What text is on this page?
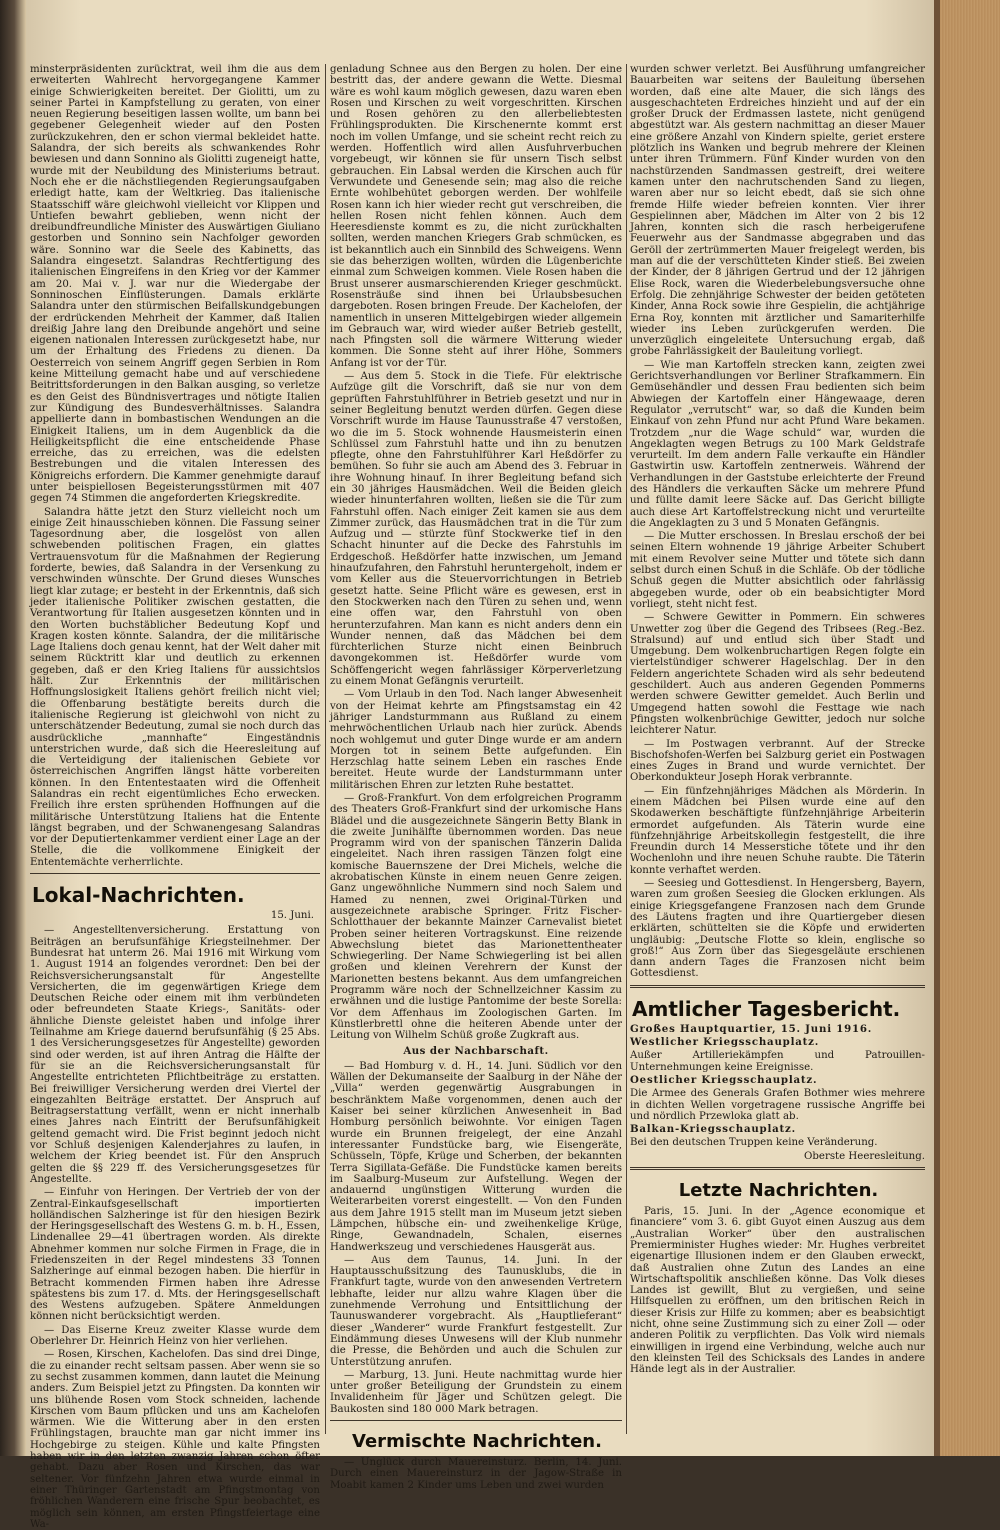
minsterpräsidenten zurücktrat, weil ihm die aus dem erweiterten Wahlrecht hervorgegangene Kammer einige Schwierigkeiten bereitet. Der Giolitti, um zu seiner Partei in Kampfstellung zu geraten, von einer neuen Regierung beseitigen lassen wollte, um bann bei gegebener Gelegenheit wieder auf den Posten zurückzukehren, den er schon viermal bekleidet hatte. Salandra, der sich bereits als schwankendes Rohr bewiesen und dann Sonnino als Giolitti zugeneigt hatte, wurde mit der Neubildung des Ministeriums betraut. Noch ehe er die nächstliegenden Regierungsaufgaben erledigt hatte, kam der Weltkrieg. Das italienische Staatsschiff wäre gleichwohl vielleicht vor Klippen und Untiefen bewahrt geblieben, wenn nicht der dreibundfreundliche Minister des Auswärtigen Giuliano gestorben und Sonnino sein Nachfolger geworden wäre. Sonnino war die Seele des Kabinetts, das Salandra eingesetzt. Salandras Rechtfertigung des italienischen Eingreifens in den Krieg vor der Kammer am 20. Mai v. J. war nur die Wiedergabe der Sonninoschen Einflüsterungen. Damals erklärte Salandra unter den stürmischen Beifallskundgebungen der erdrückenden Mehrheit der Kammer, daß Italien dreißig Jahre lang den Dreibunde angehört und seine eigenen nationalen Interessen zurückgesetzt habe, nur um der Erhaltung des Friedens zu dienen. Da Oesterreich von seinem Angriff gegen Serbien in Rom keine Mitteilung gemacht habe und auf verschiedene Beitrittsforderungen in den Balkan ausging, so verletze es den Geist des Bündnisvertrages und nötigte Italien zur Kündigung des Bundesverhältnisses. Salandra appellierte dann in bombastischen Wendungen an die Einigkeit Italiens, um in dem Augenblick da die Heiligkeitspflicht die eine entscheidende Phase erreiche, das zu erreichen, was die edelsten Bestrebungen und die vitalen Interessen des Königreichs erfordern. Die Kammer genehmigte darauf unter beispiellosen Begeisterungsstürmen mit 407 gegen 74 Stimmen die angeforderten Kriegskredite.

Salandra hätte jetzt den Sturz vielleicht noch um einige Zeit hinausschieben können. Die Fassung seiner Tagesordnung aber, die losgelöst von allen schwebenden politischen Fragen, ein glattes Vertrauensvotum für die Maßnahmen der Regierung forderte, bewies, daß Salandra in der Versenkung zu verschwinden wünschte. Der Grund dieses Wunsches liegt klar zutage; er besteht in der Erkenntnis, daß sich jeder italienische Politiker zwischen gestatten, die Verantwortung für Italien ausgesetzen könnten und in den Worten buchstäblicher Bedeutung Kopf und Kragen kosten könnte. Salandra, der die militärische Lage Italiens doch genau kennt, hat der Welt daher mit seinem Rücktritt klar und deutlich zu erkennen gegeben, daß er den Krieg Italiens für aussichtslos hält. Zur Erkenntnis der militärischen Hoffnungslosigkeit Italiens gehört freilich nicht viel; die Offenbarung bestätigte bereits durch die italienische Regierung ist gleichwohl von nicht zu unterschätzender Bedeutung, zumal sie noch durch das ausdrückliche „mannhafte“ Eingeständnis unterstrichen wurde, daß sich die Heeresleitung auf die Verteidigung der italienischen Gebiete vor österreichischen Angriffen längst hätte vorbereiten können. In den Ententestaaten wird die Offenheit Salandras ein recht eigentümliches Echo erwecken. Freilich ihre ersten sprühenden Hoffnungen auf die militärische Unterstützung Italiens hat die Entente längst begraben, und der Schwanengesang Salandras vor der Deputiertenkammer verdient einer Lage an der Stelle, die die vollkommene Einigkeit der Ententemächte verherrlichte.

Lokal-Nachrichten.
15. Juni.

— Angestelltenversicherung. Erstattung von Beiträgen an berufsunfähige Kriegsteilnehmer. Der Bundesrat hat unterm 26. Mai 1916 mit Wirkung vom 1. August 1914 an folgendes verordnet: Den bei der Reichsversicherungsanstalt für Angestellte Versicherten, die im gegenwärtigen Kriege dem Deutschen Reiche oder einem mit ihm verbündeten oder befreundeten Staate Kriegs-, Sanitäts- oder ähnliche Dienste geleistet haben und infolge ihrer Teilnahme am Kriege dauernd berufsunfähig (§ 25 Abs. 1 des Versicherungsgesetzes für Angestellte) geworden sind oder werden, ist auf ihren Antrag die Hälfte der für sie an die Reichsversicherungsanstalt für Angestellte entrichteten Pflichtbeiträge zu erstatten. Bei freiwilliger Versicherung werden drei Viertel der eingezahlten Beiträge erstattet. Der Anspruch auf Beitragserstattung verfällt, wenn er nicht innerhalb eines Jahres nach Eintritt der Berufsunfähigkeit geltend gemacht wird. Die Frist beginnt jedoch nicht vor Schluß desjenigen Kalenderjahres zu laufen, in welchem der Krieg beendet ist. Für den Anspruch gelten die §§ 229 ff. des Versicherungsgesetzes für Angestellte.

— Einfuhr von Heringen. Der Vertrieb der von der Zentral-Einkaufsgesellschaft importierten holländischen Salzheringe ist für den hiesigen Bezirk der Heringsgesellschaft des Westens G. m. b. H., Essen, Lindenallee 29—41 übertragen worden. Als direkte Abnehmer kommen nur solche Firmen in Frage, die in Friedenszeiten in der Regel mindestens 33 Tonnen Salzheringe auf einmal bezogen haben. Die hierfür in Betracht kommenden Firmen haben ihre Adresse spätestens bis zum 17. d. Mts. der Heringsgesellschaft des Westens aufzugeben. Spätere Anmeldungen können nicht berücksichtigt werden.

— Das Eiserne Kreuz zweiter Klasse wurde dem Oberlehrer Dr. Heinrich Heinz von hier verliehen.

— Rosen, Kirschen, Kachelofen. Das sind drei Dinge, die zu einander recht seltsam passen. Aber wenn sie so zu sechst zusammen kommen, dann lautet die Meinung anders. Zum Beispiel jetzt zu Pfingsten. Da konnten wir uns blühende Rosen vom Stock schneiden, lachende Kirschen vom Baum pflücken und uns am Kachelofen wärmen. Wie die Witterung aber in den ersten Frühlingstagen, brauchte man gar nicht immer ins Hochgebirge zu steigen. Kühle und kalte Pfingsten haben wir in den letzten zwanzig Jahren schon öfter gehabt. Dazu aber Rosen und Kirschen, das war seltener. Vor fünfzehn Jahren etwa wurde einmal in einer Thüringer Gartenstadt am Pfingstmontag von fröhlichen Wanderern eine frische Spur beobachtet, es möglich sein können, am ersten Pfingstfeiertage eine Wa-

genladung Schnee aus den Bergen zu holen. Der eine bestritt das, der andere gewann die Wette. Diesmal wäre es wohl kaum möglich gewesen, dazu waren eben Rosen und Kirschen zu weit vorgeschritten. Kirschen und Rosen gehören zu den allerbeliebtesten Frühlingsprodukten. Die Kirschenernte kommt erst noch im vollen Umfange, und sie scheint recht reich zu werden. Hoffentlich wird allen Ausfuhrverbuchen vorgebeugt, wir können sie für unsern Tisch selbst gebrauchen. Ein Labsal werden die Kirschen auch für Verwundete und Genesende sein; mag also die reiche Ernte wohlbehütet geborgen werden. Der wohlfeile Rosen kann ich hier wieder recht gut verschreiben, die hellen Rosen nicht fehlen können. Auch dem Heeresdienste kommt es zu, die nicht zurückhalten sollten, werden manchen Kriegers Grab schmücken, es ist bekanntlich auch ein Sinnbild des Schweigens. Wenn sie das beherzigen wollten, würden die Lügenberichte einmal zum Schweigen kommen. Viele Rosen haben die Brust unserer ausmarschierenden Krieger geschmückt. Rosensträuße sind ihnen bei Urlaubsbesuchen dargeboten. Rosen bringen Freude. Der Kachelofen, der namentlich in unseren Mittelgebirgen wieder allgemein im Gebrauch war, wird wieder außer Betrieb gestellt, nach Pfingsten soll die wärmere Witterung wieder kommen. Die Sonne steht auf ihrer Höhe, Sommers Anfang ist vor der Tür.

— Aus dem 5. Stock in die Tiefe. Für elektrische Aufzüge gilt die Vorschrift, daß sie nur von dem geprüften Fahrstuhlführer in Betrieb gesetzt und nur in seiner Begleitung benutzt werden dürfen. Gegen diese Vorschrift wurde im Hause Taunusstraße 47 verstoßen, wo die im 5. Stock wohnende Hausmeisterin einen Schlüssel zum Fahrstuhl hatte und ihn zu benutzen pflegte, ohne den Fahrstuhlführer Karl Heßdörfer zu bemühen. So fuhr sie auch am Abend des 3. Februar in ihre Wohnung hinauf. In ihrer Begleitung befand sich ein 30 jähriges Hausmädchen. Weil die Beiden gleich wieder hinunterfahren wollten, ließen sie die Tür zum Fahrstuhl offen. Nach einiger Zeit kamen sie aus dem Zimmer zurück, das Hausmädchen trat in die Tür zum Aufzug und — stürzte fünf Stockwerke tief in den Schacht hinunter auf die Decke des Fahrstuhls im Erdgeschoß. Heßdörfer hatte inzwischen, um Jemand hinaufzufahren, den Fahrstuhl heruntergeholt, indem er vom Keller aus die Steuervorrichtungen in Betrieb gesetzt hatte. Seine Pflicht wäre es gewesen, erst in den Stockwerken nach den Türen zu sehen und, wenn eine offen war, den Fahrstuhl von oben herunterzufahren. Man kann es nicht anders denn ein Wunder nennen, daß das Mädchen bei dem fürchterlichen Sturze nicht einen Beinbruch davongekommen ist. Heßdörfer wurde vom Schöffengericht wegen fahrlässiger Körperverletzung zu einem Monat Gefängnis verurteilt.

— Vom Urlaub in den Tod. Nach langer Abwesenheit von der Heimat kehrte am Pfingstsamstag ein 42 jähriger Landsturmmann aus Rußland zu einem mehrwöchentlichen Urlaub nach hier zurück. Abends noch wohlgemut und guter Dinge wurde er am andern Morgen tot in seinem Bette aufgefunden. Ein Herzschlag hatte seinem Leben ein rasches Ende bereitet. Heute wurde der Landsturmmann unter militärischen Ehren zur letzten Ruhe bestattet.

— Groß-Frankfurt. Von dem erfolgreichen Programm des Theaters Groß-Frankfurt sind der urkomische Hans Blädel und die ausgezeichnete Sängerin Betty Blank in die zweite Junihälfte übernommen worden. Das neue Programm wird von der spanischen Tänzerin Dalida eingeleitet. Nach ihren rassigen Tänzen folgt eine komische Bauernszene der Drei Michels, welche die akrobatischen Künste in einem neuen Genre zeigen. Ganz ungewöhnliche Nummern sind noch Salem und Hamed zu nennen, zwei Original-Türken und ausgezeichnete arabische Springer. Fritz Fischer-Schlotthauer der bekannte Mainzer Carnevalist bietet Proben seiner heiteren Vortragskunst. Eine reizende Abwechslung bietet das Marionettentheater Schwiegerling. Der Name Schwiegerling ist bei allen großen und kleinen Verehrern der Kunst der Marionetten bestens bekannt. Aus dem umfangreichen Programm wäre noch der Schnellzeichner Kassim zu erwähnen und die lustige Pantomime der beste Sorella: Vor dem Affenhaus im Zoologischen Garten. Im Künstlerbrettl ohne die heiteren Abende unter der Leitung von Wilhelm Schüß große Zugkraft aus.

Aus der Nachbarschaft.

— Bad Homburg v. d. H., 14. Juni. Südlich vor den Wällen der Dekumanseite der Saalburg in der Nähe der „Villa“ werden gegenwärtig Ausgrabungen in beschränktem Maße vorgenommen, denen auch der Kaiser bei seiner kürzlichen Anwesenheit in Bad Homburg persönlich beiwohnte. Vor einigen Tagen wurde ein Brunnen freigelegt, der eine Anzahl interessanter Fundstücke barg, wie Eisengeräte, Schüsseln, Töpfe, Krüge und Scherben, der bekannten Terra Sigillata-Gefäße. Die Fundstücke kamen bereits im Saalburg-Museum zur Aufstellung. Wegen der andauernd ungünstigen Witterung wurden die Weiterarbeiten vorerst eingestellt. — Von den Funden aus dem Jahre 1915 stellt man im Museum jetzt sieben Lämpchen, hübsche ein- und zweihenkelige Krüge, Ringe, Gewandnadeln, Schalen, eisernes Handwerkszeug und verschiedenes Hausgerät aus.

— Aus dem Taunus, 14. Juni. In der Hauptausschußsitzung des Taunusklubs, die in Frankfurt tagte, wurde von den anwesenden Vertretern lebhafte, leider nur allzu wahre Klagen über die zunehmende Verrohung und Entsittlichung der Taunuswanderer vorgebracht. Als „Hauptlieferant“ dieser „Wanderer“ wurde Frankfurt festgestellt. Zur Eindämmung dieses Unwesens will der Klub nunmehr die Presse, die Behörden und auch die Schulen zur Unterstützung anrufen.

— Marburg, 13. Juni. Heute nachmittag wurde hier unter großer Beteiligung der Grundstein zu einem Invalidenheim für Jäger und Schützen gelegt. Die Baukosten sind 180 000 Mark betragen.

Vermischte Nachrichten.

— Unglück durch Mauereinsturz. Berlin, 14. Juni. Durch einen Mauereinsturz in der Jagow-Straße in Moabit kamen 2 Kinder ums Leben und zwei wurden

wurden schwer verletzt. Bei Ausführung umfangreicher Bauarbeiten war seitens der Bauleitung übersehen worden, daß eine alte Mauer, die sich längs des ausgeschachteten Erdreiches hinzieht und auf der ein großer Druck der Erdmassen lastete, nicht genügend abgestützt war. Als gestern nachmittag an dieser Mauer eine größere Anzahl von Kindern spielte, geriet erstere plötzlich ins Wanken und begrub mehrere der Kleinen unter ihren Trümmern. Fünf Kinder wurden von den nachstürzenden Sandmassen gestreift, drei weitere kamen unter den nachrutschenden Sand zu liegen, waren aber nur so leicht ebedt, daß sie sich ohne fremde Hilfe wieder befreien konnten. Vier ihrer Gespielinnen aber, Mädchen im Alter von 2 bis 12 Jahren, konnten sich die rasch herbeigerufene Feuerwehr aus der Sandmasse abgegraben und das Geröll der zertrümmerten Mauer freigelegt werden, bis man auf die der verschütteten Kinder stieß. Bei zweien der Kinder, der 8 jährigen Gertrud und der 12 jährigen Elise Rock, waren die Wiederbelebungsversuche ohne Erfolg. Die zehnjährige Schwester der beiden getöteten Kinder, Anna Rock sowie ihre Gespielin, die achtjährige Erna Roy, konnten mit ärztlicher und Samariterhilfe wieder ins Leben zurückgerufen werden. Die unverzüglich eingeleitete Untersuchung ergab, daß grobe Fahrlässigkeit der Bauleitung vorliegt.

— Wie man Kartoffeln strecken kann, zeigten zwei Gerichtsverhandlungen vor Berliner Strafkammern. Ein Gemüsehändler und dessen Frau bedienten sich beim Abwiegen der Kartoffeln einer Hängewaage, deren Regulator „verrutscht“ war, so daß die Kunden beim Einkauf von zehn Pfund nur acht Pfund Ware bekamen. Trotzdem „nur die Wage schuld“ war, wurden die Angeklagten wegen Betrugs zu 100 Mark Geldstrafe verurteilt. Im dem andern Falle verkaufte ein Händler Gastwirtin usw. Kartoffeln zentnerweis. Während der Verhandlungen in der Gaststube erleichterte der Freund des Händlers die verkauften Säcke um mehrere Pfund und füllte damit leere Säcke auf. Das Gericht billigte auch diese Art Kartoffelstreckung nicht und verurteilte die Angeklagten zu 3 und 5 Monaten Gefängnis.

— Die Mutter erschossen. In Breslau erschoß der bei seinen Eltern wohnende 19 jährige Arbeiter Schubert mit einem Revolver seine Mutter und tötete sich dann selbst durch einen Schuß in die Schläfe. Ob der tödliche Schuß gegen die Mutter absichtlich oder fahrlässig abgegeben wurde, oder ob ein beabsichtigter Mord vorliegt, steht nicht fest.

— Schwere Gewitter in Pommern. Ein schweres Unwetter zog über die Gegend des Tribsees (Reg.-Bez. Stralsund) auf und entlud sich über Stadt und Umgebung. Dem wolkenbruchartigen Regen folgte ein viertelstündiger schwerer Hagelschlag. Der in den Feldern angerichtete Schaden wird als sehr bedeutend geschildert. Auch aus anderen Gegenden Pommerns werden schwere Gewitter gemeldet. Auch Berlin und Umgegend hatten sowohl die Festtage wie nach Pfingsten wolkenbrüchige Gewitter, jedoch nur solche leichterer Natur.

— Im Postwagen verbrannt. Auf der Strecke Bischofshofen-Werfen bei Salzburg geriet ein Postwagen eines Zuges in Brand und wurde vernichtet. Der Oberkondukteur Joseph Horak verbrannte.

— Ein fünfzehnjähriges Mädchen als Mörderin. In einem Mädchen bei Pilsen wurde eine auf den Skodawerken beschäftigte fünfzehnjährige Arbeiterin ermordet aufgefunden. Als Täterin wurde eine fünfzehnjährige Arbeitskollegin festgestellt, die ihre Freundin durch 14 Messerstiche tötete und ihr den Wochenlohn und ihre neuen Schuhe raubte. Die Täterin konnte verhaftet werden.

— Seesieg und Gottesdienst. In Hengersberg, Bayern, waren zum großen Seesieg die Glocken erklungen. Als einige Kriegsgefangene Franzosen nach dem Grunde des Läutens fragten und ihre Quartiergeber diesen erklärten, schüttelten sie die Köpfe und erwiderten ungläubig: „Deutsche Flotte so klein, englische so groß!“ Aus Zorn über das Siegesgeläute erschienen dann andern Tages die Franzosen nicht beim Gottesdienst.

Amtlicher Tagesbericht.
Großes Hauptquartier, 15. Juni 1916.
Westlicher Kriegsschauplatz.
Außer Artilleriekämpfen und Patrouillen-Unternehmungen keine Ereignisse.
Oestlicher Kriegsschauplatz.
Die Armee des Generals Grafen Bothmer wies mehrere in dichten Wellen vorgetragene russische Angriffe bei und nördlich Przewloka glatt ab.
Balkan-Kriegsschauplatz.
Bei den deutschen Truppen keine Veränderung.
Oberste Heeresleitung.
Letzte Nachrichten.

Paris, 15. Juni. In der „Agence economique et financiere“ vom 3. 6. gibt Guyot einen Auszug aus dem „Australian Worker“ über den australischen Premierminister Hughes wieder: Mr. Hughes verbreitet eigenartige Illusionen indem er den Glauben erweckt, daß Australien ohne Zutun des Landes an eine Wirtschaftspolitik anschließen könne. Das Volk dieses Landes ist gewillt, Blut zu vergießen, und seine Hilfsquellen zu eröffnen, um den britischen Reich in dieser Krisis zur Hilfe zu kommen; aber es beabsichtigt nicht, ohne seine Zustimmung sich zu einer Zoll — oder anderen Politik zu verpflichten. Das Volk wird niemals einwilligen in irgend eine Verbindung, welche auch nur den kleinsten Teil des Schicksals des Landes in andere Hände legt als in der Australier.
